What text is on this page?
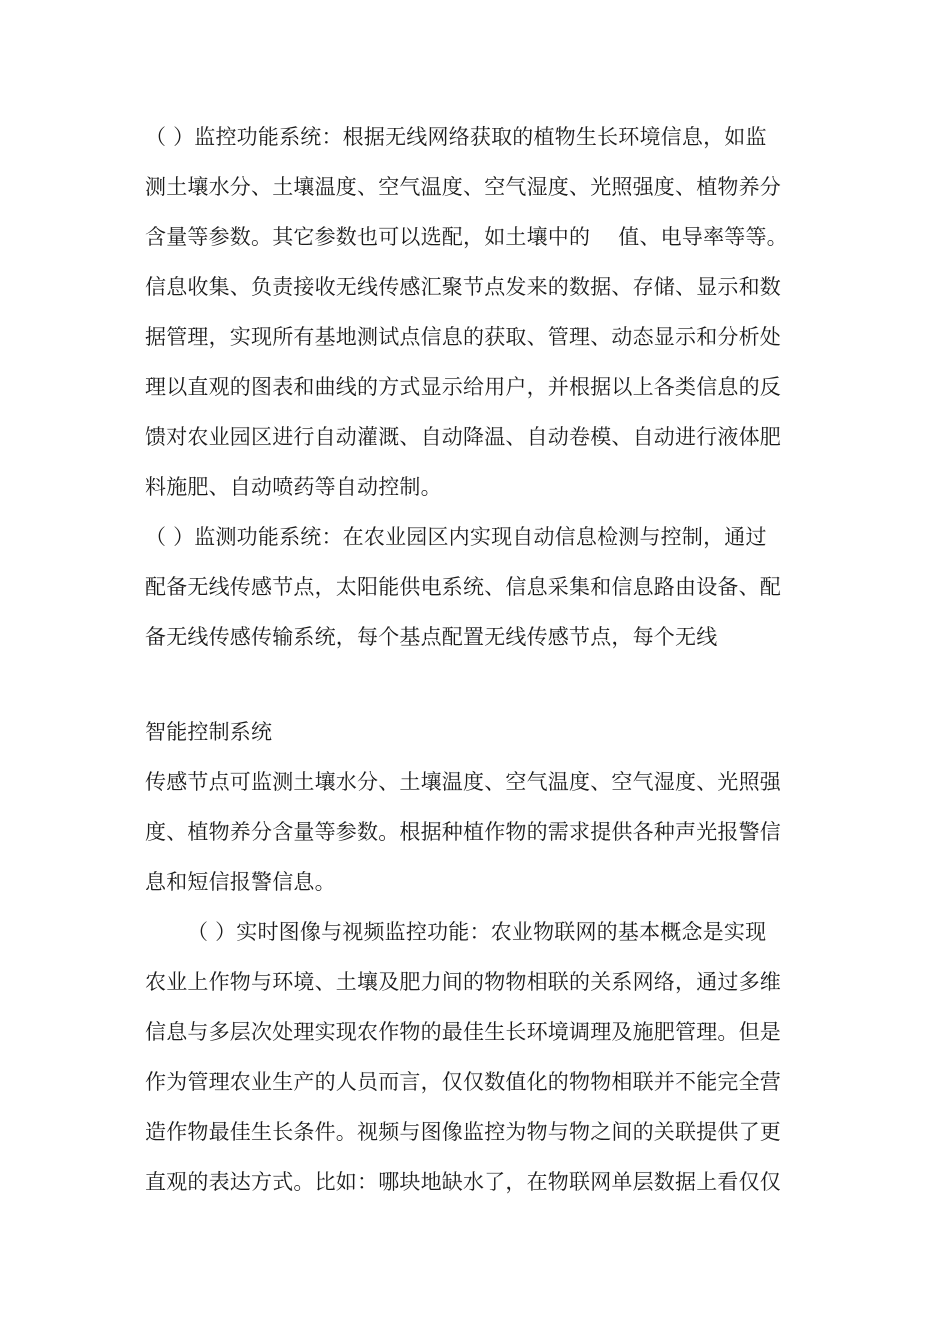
（ ）监控功能系统：根据无线网络获取的植物生长环境信息，如监
测土壤水分、土壤温度、空气温度、空气湿度、光照强度、植物养分
含量等参数。其它参数也可以选配，如土壤中的　 值、电导率等等。
信息收集、负责接收无线传感汇聚节点发来的数据、存储、显示和数
据管理，实现所有基地测试点信息的获取、管理、动态显示和分析处
理以直观的图表和曲线的方式显示给用户，并根据以上各类信息的反
馈对农业园区进行自动灌溉、自动降温、自动卷模、自动进行液体肥
料施肥、自动喷药等自动控制。
（ ）监测功能系统：在农业园区内实现自动信息检测与控制，通过
配备无线传感节点，太阳能供电系统、信息采集和信息路由设备、配
备无线传感传输系统，每个基点配置无线传感节点，每个无线
智能控制系统
传感节点可监测土壤水分、土壤温度、空气温度、空气湿度、光照强
度、植物养分含量等参数。根据种植作物的需求提供各种声光报警信
息和短信报警信息。
（ ）实时图像与视频监控功能：农业物联网的基本概念是实现
农业上作物与环境、土壤及肥力间的物物相联的关系网络，通过多维
信息与多层次处理实现农作物的最佳生长环境调理及施肥管理。但是
作为管理农业生产的人员而言，仅仅数值化的物物相联并不能完全营
造作物最佳生长条件。视频与图像监控为物与物之间的关联提供了更
直观的表达方式。比如：哪块地缺水了，在物联网单层数据上看仅仅
